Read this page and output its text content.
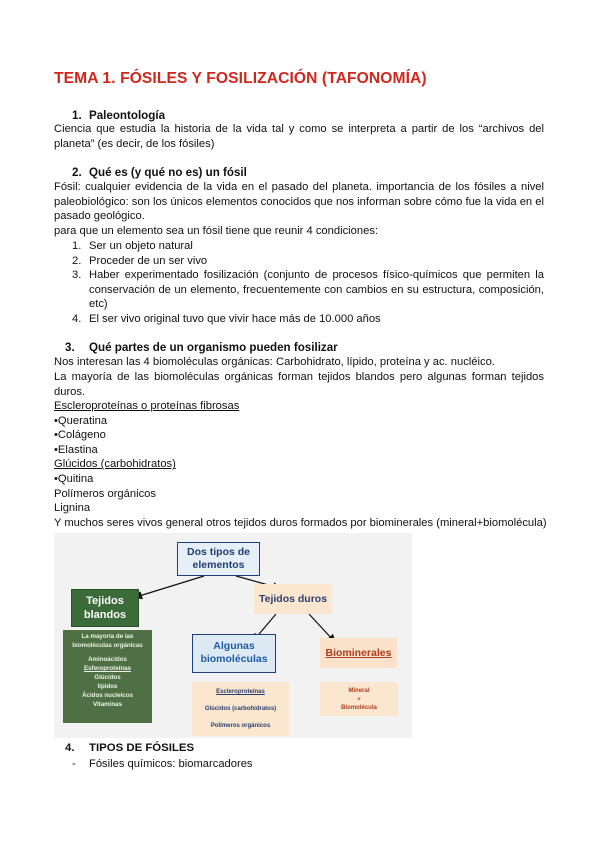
TEMA 1. FÓSILES Y FOSILIZACIÓN (TAFONOMÍA)
1. Paleontología

Ciencia que estudia la historia de la vida tal y como se interpreta a partir de los “archivos del planeta” (es decir, de los fósiles)

2. Qué es (y qué no es) un fósil

Fósil: cualquier evidencia de la vida en el pasado del planeta. importancia de los fósiles a nivel paleobiológico: son los únicos elementos conocidos que nos informan sobre cómo fue la vida en el pasado geológico.

para que un elemento sea un fósil tiene que reunir 4 condiciones:

1. Ser un objeto natural
2. Proceder de un ser vivo
3. Haber experimentado fosilización (conjunto de procesos físico-químicos que permiten la conservación de un elemento, frecuentemente con cambios en su estructura, composición, etc)
4. El ser vivo original tuvo que vivir hace más de 10.000 años
3. Qué partes de un organismo pueden fosilizar

Nos interesan las 4 biomoléculas orgánicas: Carbohidrato, lípido, proteína y ac. nucléico.

La mayoría de las biomoléculas orgánicas forman tejidos blandos pero algunas forman tejidos duros.

Escleroproteínas o proteínas fibrosas
•Queratina
•Colágeno
•Elastina
Glúcidos (carbohidratos)
•Quitina
Polímeros orgánicos
Lignina

Y muchos seres vivos general otros tejidos duros formados por biominerales (mineral+biomolécula)

Dos tipos de elementos
Tejidos blandos
Tejidos duros
Algunas biomoléculas	Biominerales
La mayoría de las
biomoléculas orgánicas
Aminoácidos
Esferoproteínas
Glúcidos
lípidos
Ácidos nucleicos
Vitaminas
Escleroproteínas
Glúcidos (carbohidratos)
Polímeros orgánicos
Mineral
+
Biomolécula
4. TIPOS DE FÓSILES

- Fósiles químicos: biomarcadores
